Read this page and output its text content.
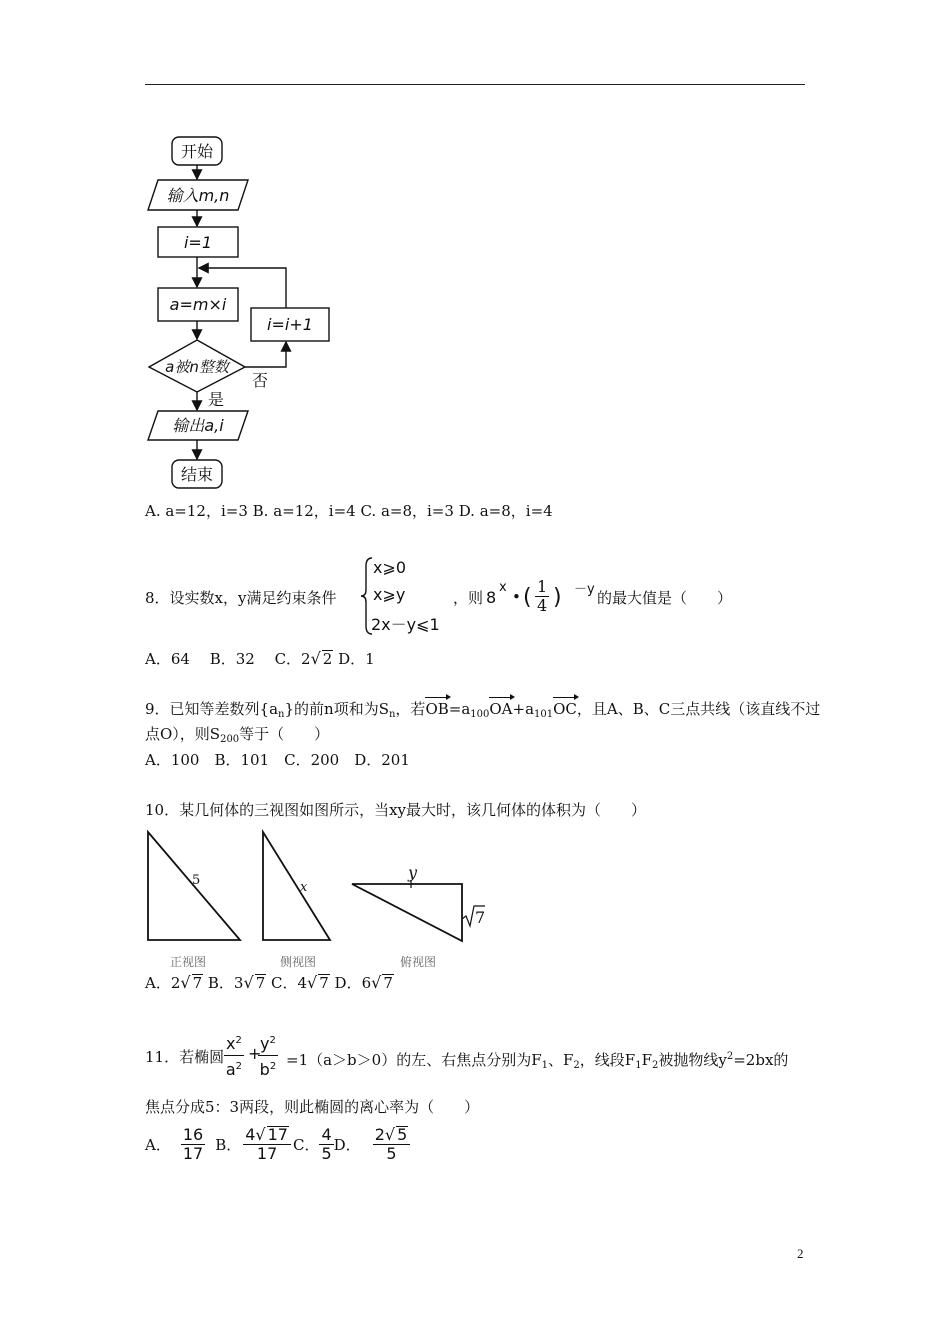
开始
输入m,n
i=1
a=m×i
i=i+1
a被n整数
否
是
输出a,i
结束
A. a=12，i=3 B. a=12，i=4 C. a=8，i=3 D. a=8，i=4
8．设实数x，y满足约束条件
x⩾0
x⩾y
2x－y⩽1
，则 8
x
• ( $\frac{1}{4}$ ) －y 的最大值是（　　）
A．64　 B．32　 C．2√ 2 D．1
9．已知等差数列$\{a_n\}$的前n项和为$S_n$，若$OB=a_{100}OA+a_{101}OC$，且A、B、C三点共线（该直线不过
点O），则$S_{200}$等于（　　）
A．100　B．101　C．200　D．201
10．某几何体的三视图如图所示，当xy最大时，该几何体的体积为（　　）
5	x
y
7
正视图	侧视图	俯视图
A．2√ 7 B．3√ 7 C．4√ 7 D．6√ 7
11．若椭圆
$x^2$
$a^2$
+
$y^2$
$b^2 =1(a>b>0)$的左、右焦点分别为$F_1$、$F_2$，线段$F_1F_2$被抛物线$y^2=2bx$的
焦点分成5：3两段，则此椭圆的离心率为（　　）
A． $\frac{16}{17}$ B． $\frac{4√ 17}{17}$ C． $\frac{4}{5}$ D． $\frac{2√ 5}{5}$
2
